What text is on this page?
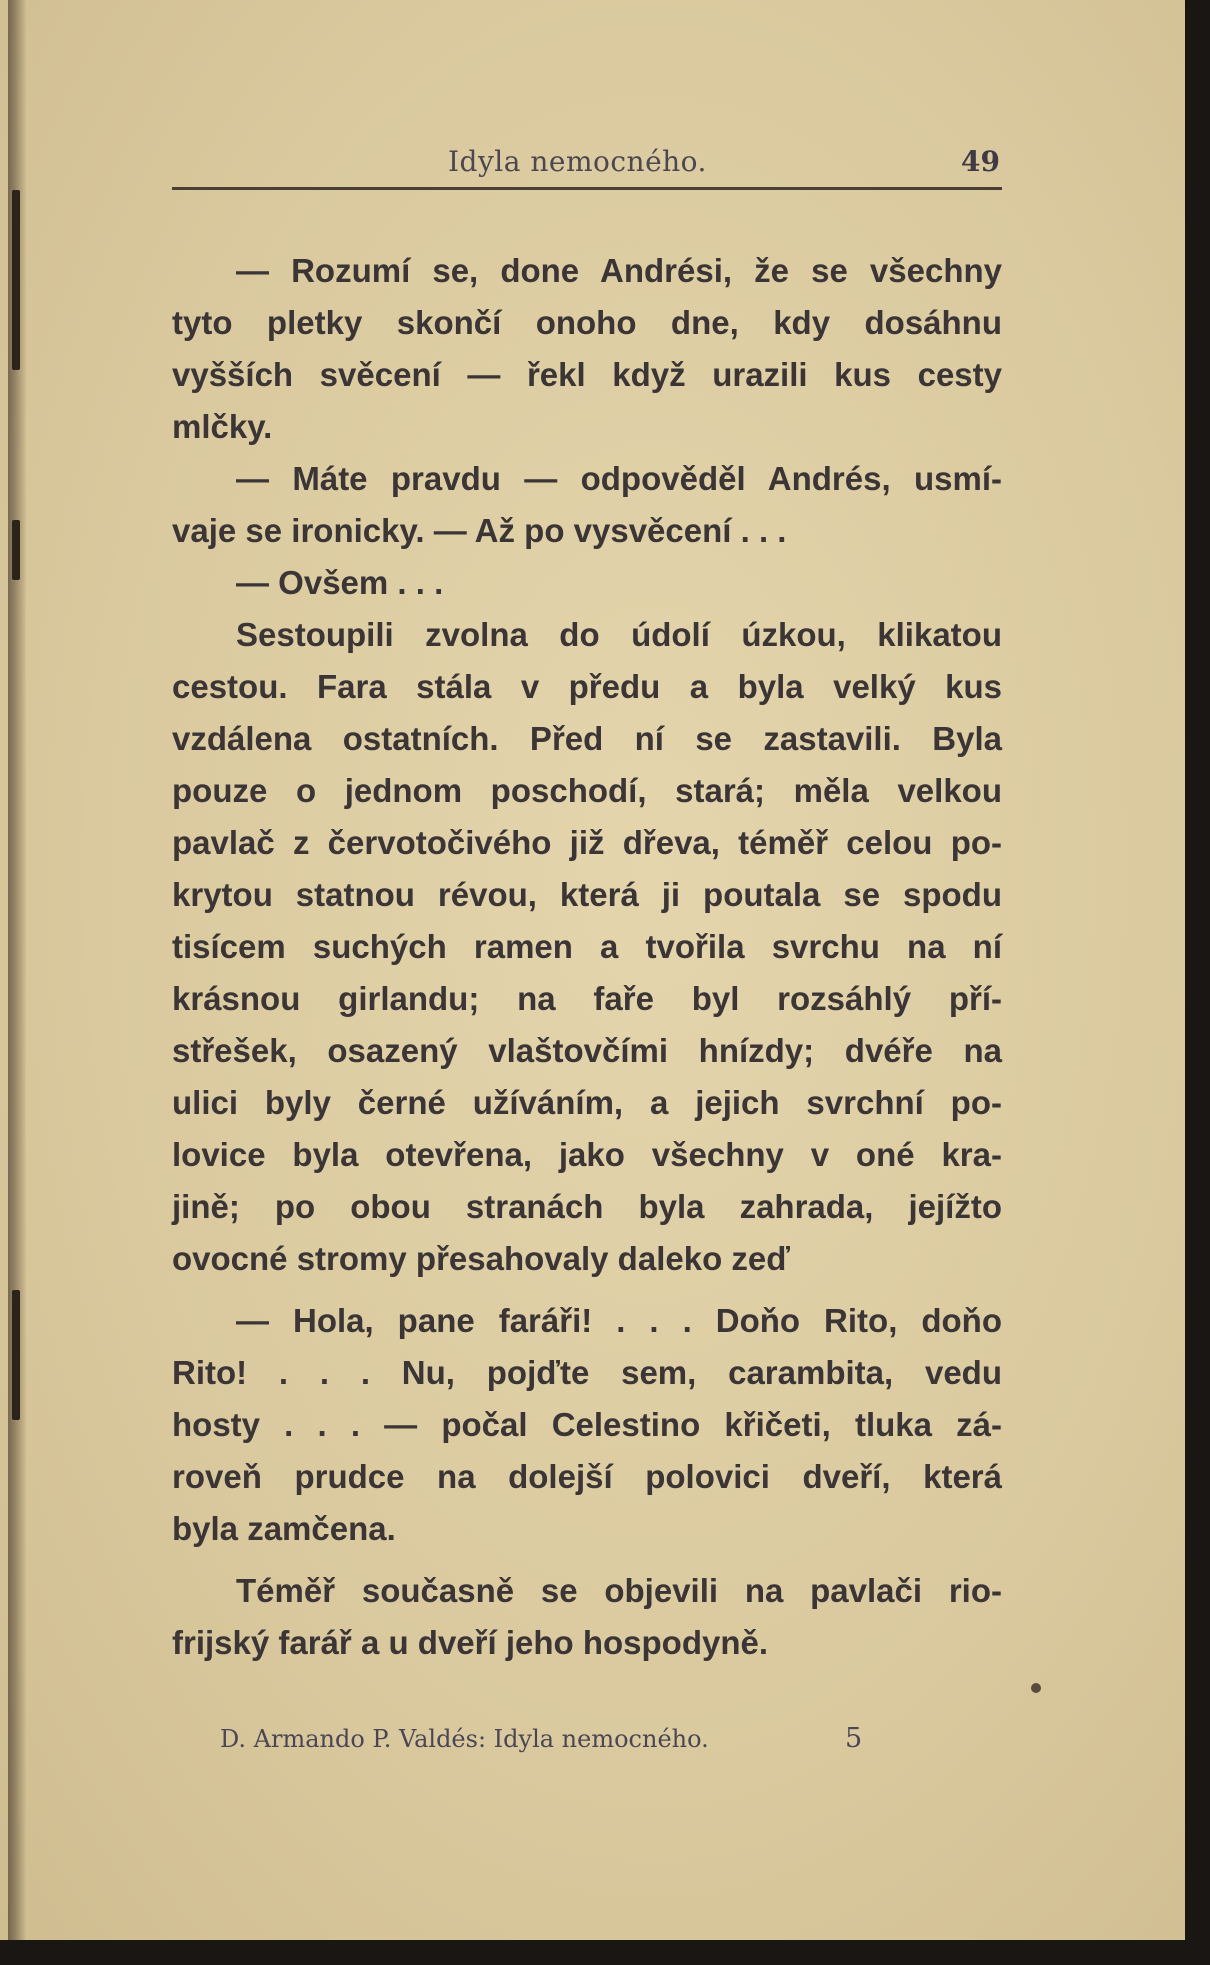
Idyla nemocného.	49
— Rozumí se, done Andrési, že se všechny
tyto pletky skončí onoho dne, kdy dosáhnu
vyšších svěcení — řekl když urazili kus cesty
mlčky.
— Máte pravdu — odpověděl Andrés, usmí-
vaje se ironicky. — Až po vysvěcení . . .
— Ovšem . . .
Sestoupili zvolna do údolí úzkou, klikatou
cestou. Fara stála v předu a byla velký kus
vzdálena ostatních. Před ní se zastavili. Byla
pouze o jednom poschodí, stará; měla velkou
pavlač z červotočivého již dřeva, téměř celou po-
krytou statnou révou, která ji poutala se spodu
tisícem suchých ramen a tvořila svrchu na ní
krásnou girlandu; na faře byl rozsáhlý pří-
střešek, osazený vlaštovčími hnízdy; dvéře na
ulici byly černé užíváním, a jejich svrchní po-
lovice byla otevřena, jako všechny v oné kra-
jině; po obou stranách byla zahrada, jejížto
ovocné stromy přesahovaly daleko zeď
— Hola, pane faráři! . . . Doňo Rito, doňo
Rito! . . . Nu, pojďte sem, carambita, vedu
hosty . . . — počal Celestino křičeti, tluka zá-
roveň prudce na dolejší polovici dveří, která
byla zamčena.
Téměř současně se objevili na pavlači rio-
frijský farář a u dveří jeho hospodyně.
D. Armando P. Valdés: Idyla nemocného.	5
